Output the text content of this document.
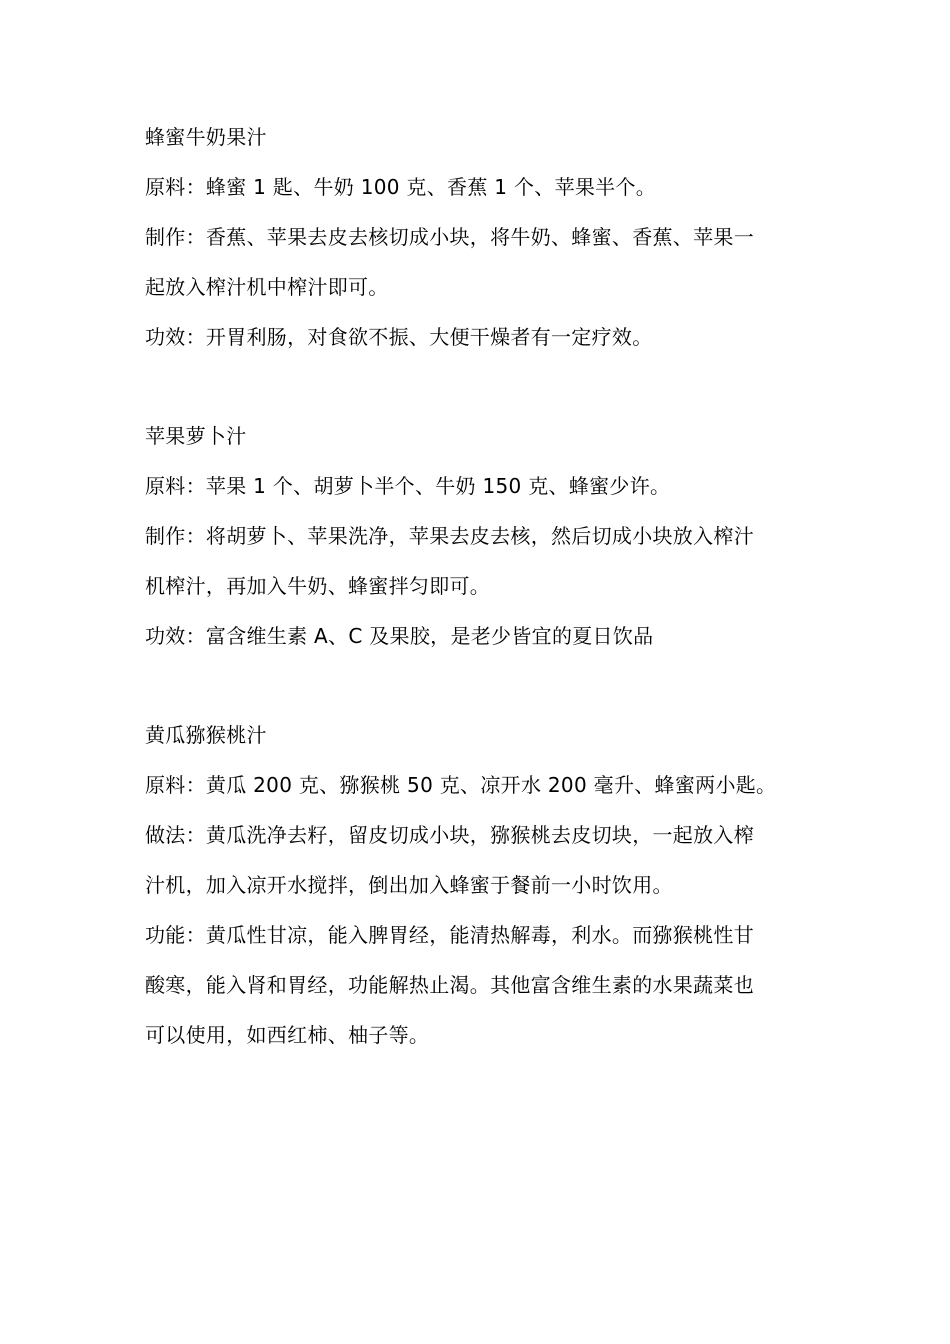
蜂蜜牛奶果汁
原料：蜂蜜 1 匙、牛奶 100 克、香蕉 1 个、苹果半个。
制作：香蕉、苹果去皮去核切成小块，将牛奶、蜂蜜、香蕉、苹果一
起放入榨汁机中榨汁即可。
功效：开胃利肠，对食欲不振、大便干燥者有一定疗效。
苹果萝卜汁
原料：苹果 1 个、胡萝卜半个、牛奶 150 克、蜂蜜少许。
制作：将胡萝卜、苹果洗净，苹果去皮去核，然后切成小块放入榨汁
机榨汁，再加入牛奶、蜂蜜拌匀即可。
功效：富含维生素 A、C 及果胶，是老少皆宜的夏日饮品
黄瓜猕猴桃汁
原料：黄瓜 200 克、猕猴桃 50 克、凉开水 200 毫升、蜂蜜两小匙。
做法：黄瓜洗净去籽，留皮切成小块，猕猴桃去皮切块，一起放入榨
汁机，加入凉开水搅拌，倒出加入蜂蜜于餐前一小时饮用。
功能：黄瓜性甘凉，能入脾胃经，能清热解毒，利水。而猕猴桃性甘
酸寒，能入肾和胃经，功能解热止渴。其他富含维生素的水果蔬菜也
可以使用，如西红柿、柚子等。
